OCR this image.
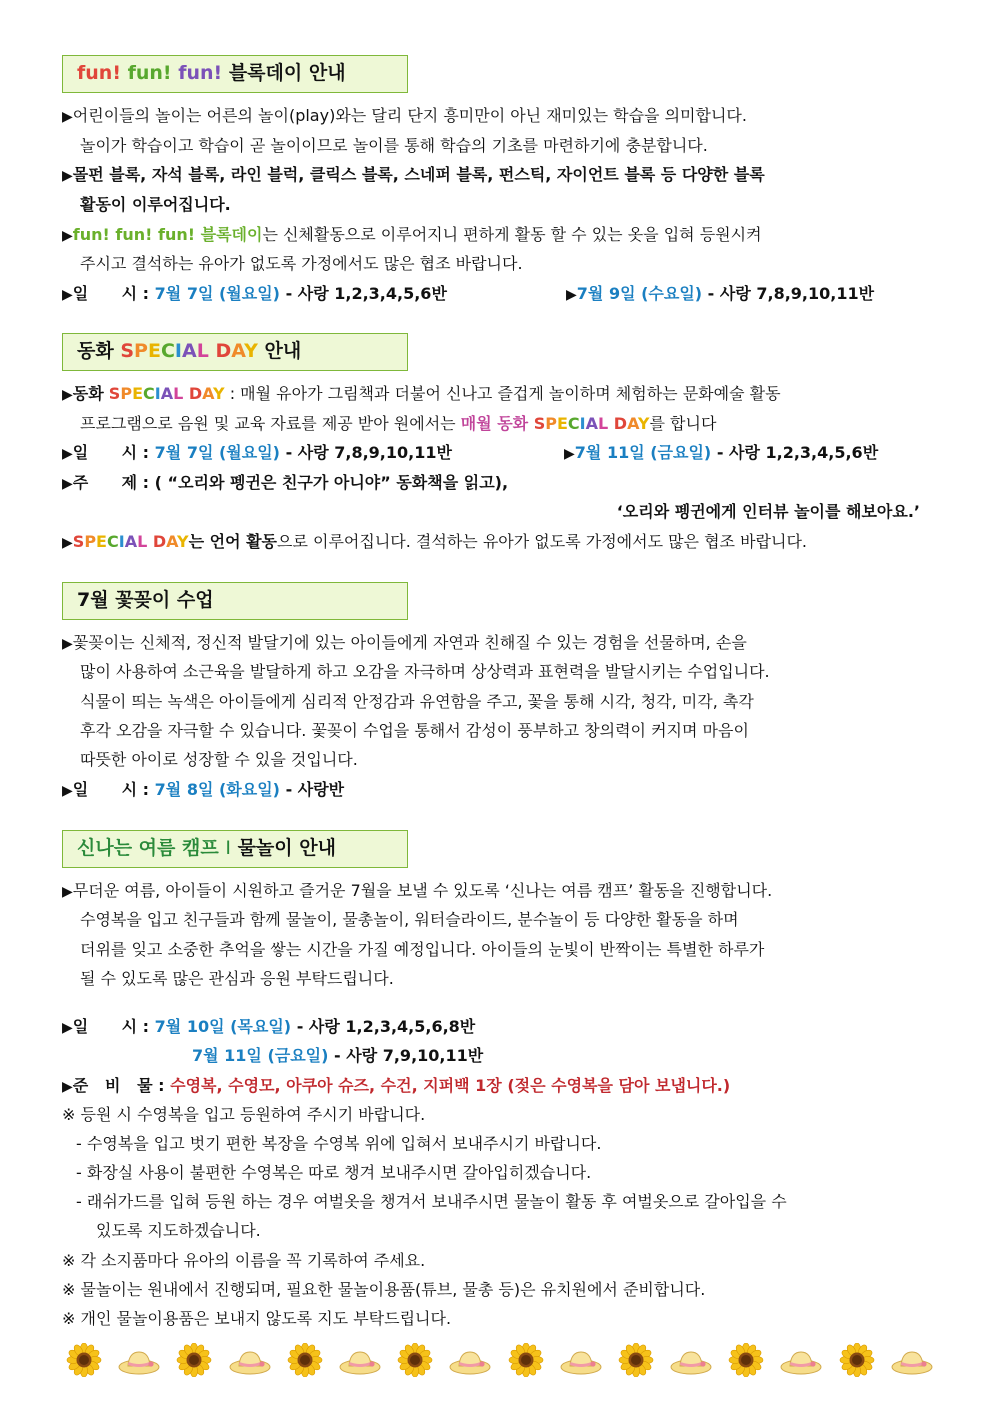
fun! fun! fun! 블록데이 안내
▶어린이들의 놀이는 어른의 놀이(play)와는 달리 단지 흥미만이 아닌 재미있는 학습을 의미합니다.
놀이가 학습이고 학습이 곧 놀이이므로 놀이를 통해 학습의 기초를 마련하기에 충분합니다.
▶몰펀 블록, 자석 블록, 라인 블럭, 클릭스 블록, 스네퍼 블록, 펀스틱, 자이언트 블록 등 다양한 블록
활동이 이루어집니다.
▶fun! fun! fun! 블록데이는 신체활동으로 이루어지니 편하게 활동 할 수 있는 옷을 입혀 등원시켜
주시고 결석하는 유아가 없도록 가정에서도 많은 협조 바랍니다.
▶일      시 : 7월 7일 (월요일) - 사랑 1,2,3,4,5,6반	▶7월 9일 (수요일) - 사랑 7,8,9,10,11반
동화 SPECIAL DAY 안내
▶동화 SPECIAL DAY : 매월 유아가 그림책과 더불어 신나고 즐겁게 놀이하며 체험하는 문화예술 활동
프로그램으로 음원 및 교육 자료를 제공 받아 원에서는 매월 동화 SPECIAL DAY를 합니다
▶일      시 : 7월 7일 (월요일) - 사랑 7,8,9,10,11반	▶7월 11일 (금요일) - 사랑 1,2,3,4,5,6반
▶주      제 : ( “오리와 펭귄은 친구가 아니야” 동화책을 읽고),
‘오리와 펭귄에게 인터뷰 놀이를 해보아요.’
▶SPECIAL DAY는 언어 활동으로 이루어집니다. 결석하는 유아가 없도록 가정에서도 많은 협조 바랍니다.
7월 꽃꽂이 수업
▶꽃꽂이는 신체적, 정신적 발달기에 있는 아이들에게 자연과 친해질 수 있는 경험을 선물하며, 손을
많이 사용하여 소근육을 발달하게 하고 오감을 자극하며 상상력과 표현력을 발달시키는 수업입니다.
식물이 띄는 녹색은 아이들에게 심리적 안정감과 유연함을 주고, 꽃을 통해 시각, 청각, 미각, 촉각
후각 오감을 자극할 수 있습니다. 꽃꽂이 수업을 통해서 감성이 풍부하고 창의력이 커지며 마음이
따뜻한 아이로 성장할 수 있을 것입니다.
▶일      시 : 7월 8일 (화요일) - 사랑반
신나는 여름 캠프 Ⅰ 물놀이 안내
▶무더운 여름, 아이들이 시원하고 즐거운 7월을 보낼 수 있도록 ‘신나는 여름 캠프’ 활동을 진행합니다.
수영복을 입고 친구들과 함께 물놀이, 물총놀이, 워터슬라이드, 분수놀이 등 다양한 활동을 하며
더위를 잊고 소중한 추억을 쌓는 시간을 가질 예정입니다. 아이들의 눈빛이 반짝이는 특별한 하루가
될 수 있도록 많은 관심과 응원 부탁드립니다.
▶일      시 : 7월 10일 (목요일) - 사랑 1,2,3,4,5,6,8반
7월 11일 (금요일) - 사랑 7,9,10,11반
▶준   비   물 : 수영복, 수영모, 아쿠아 슈즈, 수건, 지퍼백 1장 (젖은 수영복을 담아 보냅니다.)
※ 등원 시 수영복을 입고 등원하여 주시기 바랍니다.
- 수영복을 입고 벗기 편한 복장을 수영복 위에 입혀서 보내주시기 바랍니다.
- 화장실 사용이 불편한 수영복은 따로 챙겨 보내주시면 갈아입히겠습니다.
- 래쉬가드를 입혀 등원 하는 경우 여벌옷을 챙겨서 보내주시면 물놀이 활동 후 여벌옷으로 갈아입을 수
있도록 지도하겠습니다.
※ 각 소지품마다 유아의 이름을 꼭 기록하여 주세요.
※ 물놀이는 원내에서 진행되며, 필요한 물놀이용품(튜브, 물총 등)은 유치원에서 준비합니다.
※ 개인 물놀이용품은 보내지 않도록 지도 부탁드립니다.
